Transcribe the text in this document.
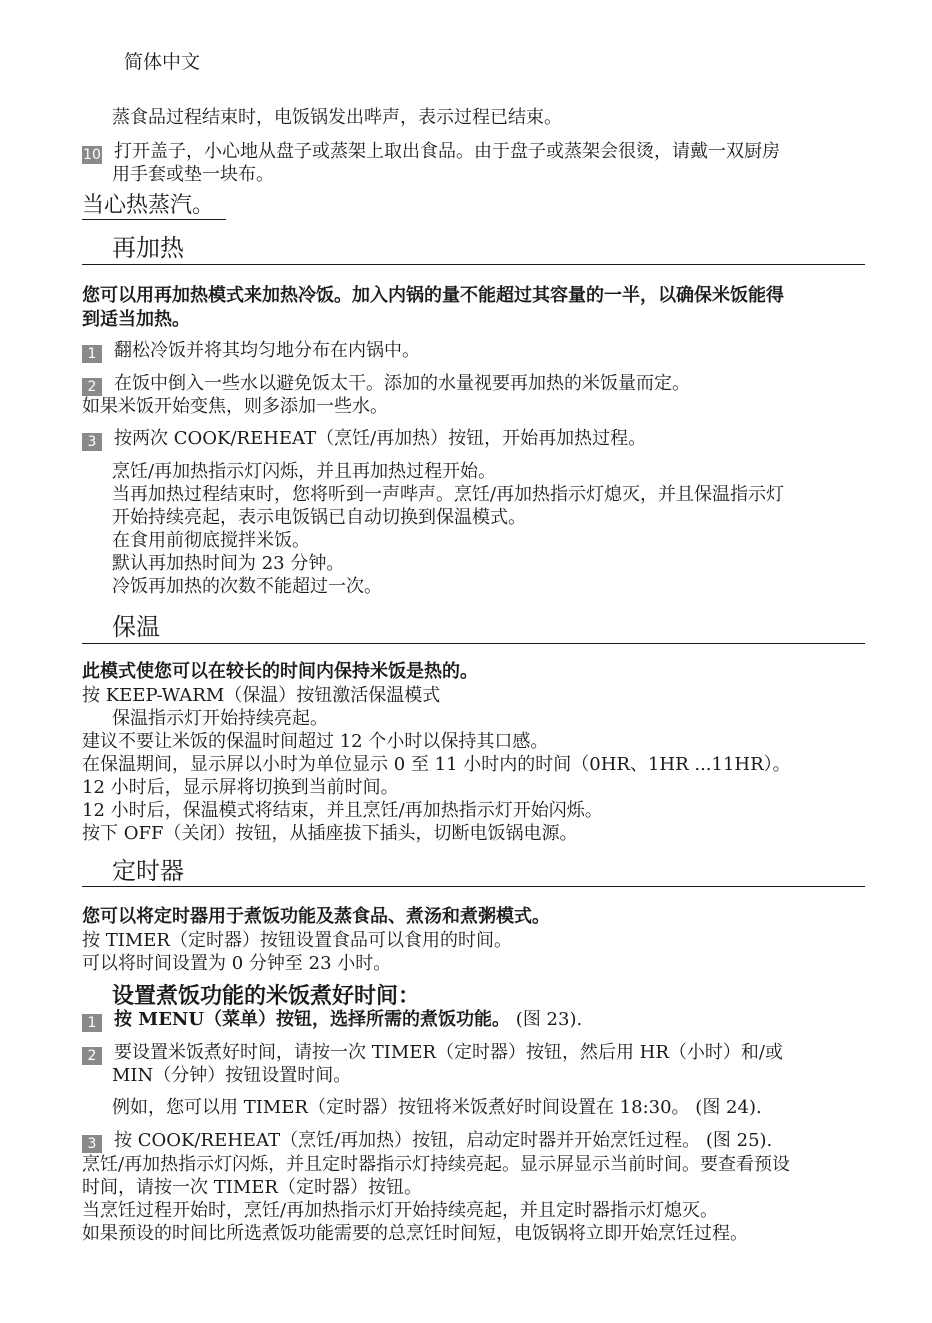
简体中文
蒸食品过程结束时，电饭锅发出哔声，表示过程已结束。
10 打开盖子，小心地从盘子或蒸架上取出食品。由于盘子或蒸架会很烫，请戴一双厨房
用手套或垫一块布。
当心热蒸汽。
再加热
您可以用再加热模式来加热冷饭。加入内锅的量不能超过其容量的一半，以确保米饭能得
到适当加热。
1 翻松冷饭并将其均匀地分布在内锅中。
2 在饭中倒入一些水以避免饭太干。添加的水量视要再加热的米饭量而定。
如果米饭开始变焦，则多添加一些水。
3 按两次 COOK/REHEAT（烹饪/再加热）按钮，开始再加热过程。
烹饪/再加热指示灯闪烁，并且再加热过程开始。
当再加热过程结束时，您将听到一声哔声。烹饪/再加热指示灯熄灭，并且保温指示灯
开始持续亮起，表示电饭锅已自动切换到保温模式。
在食用前彻底搅拌米饭。
默认再加热时间为 23 分钟。
冷饭再加热的次数不能超过一次。
保温
此模式使您可以在较长的时间内保持米饭是热的。
按 KEEP-WARM（保温）按钮激活保温模式
保温指示灯开始持续亮起。
建议不要让米饭的保温时间超过 12 个小时以保持其口感。
在保温期间，显示屏以小时为单位显示 0 至 11 小时内的时间（0HR、1HR ...11HR）。
12 小时后，显示屏将切换到当前时间。
12 小时后，保温模式将结束，并且烹饪/再加热指示灯开始闪烁。
按下 OFF（关闭）按钮，从插座拔下插头，切断电饭锅电源。
定时器
您可以将定时器用于煮饭功能及蒸食品、煮汤和煮粥模式。
按 TIMER（定时器）按钮设置食品可以食用的时间。
可以将时间设置为 0 分钟至 23 小时。
设置煮饭功能的米饭煮好时间：
1 按 MENU（菜单）按钮，选择所需的煮饭功能。 (图 23).
2 要设置米饭煮好时间，请按一次 TIMER（定时器）按钮，然后用 HR（小时）和/或
MIN（分钟）按钮设置时间。
例如，您可以用 TIMER（定时器）按钮将米饭煮好时间设置在 18:30。 (图 24).
3 按 COOK/REHEAT（烹饪/再加热）按钮，启动定时器并开始烹饪过程。 (图 25).
烹饪/再加热指示灯闪烁，并且定时器指示灯持续亮起。显示屏显示当前时间。要查看预设
时间，请按一次 TIMER（定时器）按钮。
当烹饪过程开始时，烹饪/再加热指示灯开始持续亮起，并且定时器指示灯熄灭。
如果预设的时间比所选煮饭功能需要的总烹饪时间短，电饭锅将立即开始烹饪过程。
